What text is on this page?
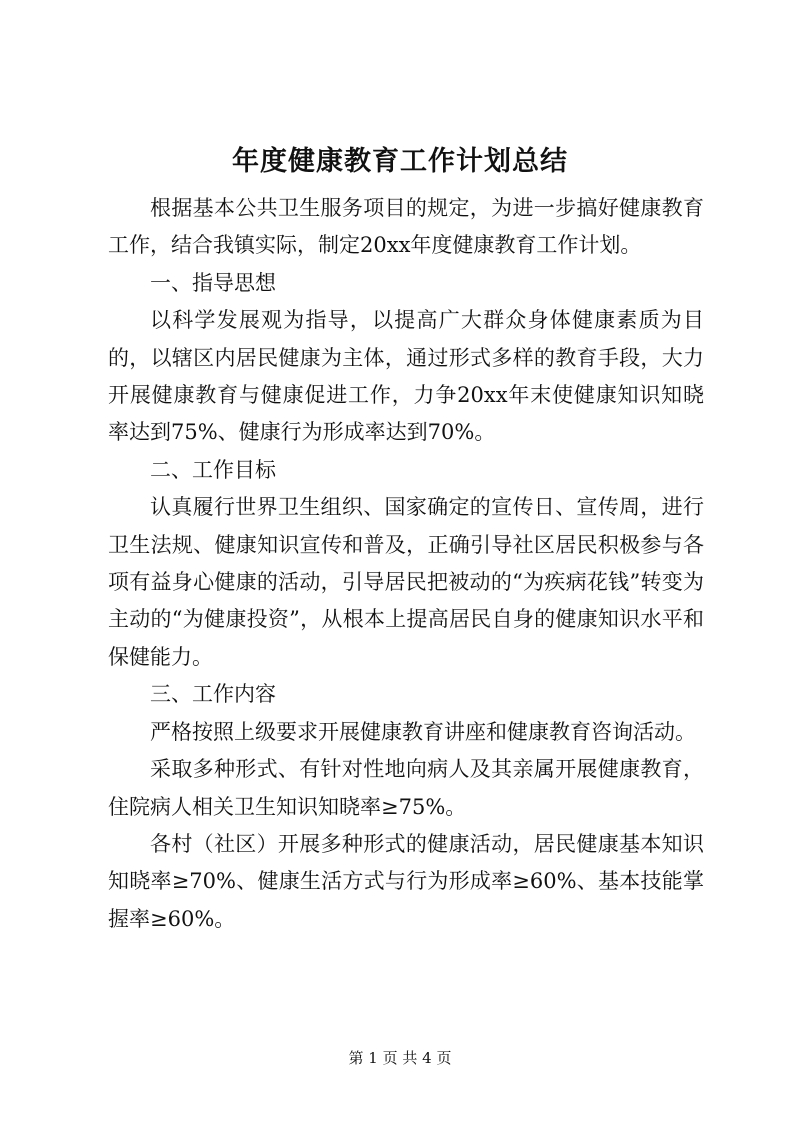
年度健康教育工作计划总结

根据基本公共卫生服务项目的规定，为进一步搞好健康教育工作，结合我镇实际，制定20xx年度健康教育工作计划。

一、指导思想

以科学发展观为指导，以提高广大群众身体健康素质为目的，以辖区内居民健康为主体，通过形式多样的教育手段，大力开展健康教育与健康促进工作，力争20xx年末使健康知识知晓率达到75%、健康行为形成率达到70%。

二、工作目标

认真履行世界卫生组织、国家确定的宣传日、宣传周，进行卫生法规、健康知识宣传和普及，正确引导社区居民积极参与各项有益身心健康的活动，引导居民把被动的“为疾病花钱”转变为主动的“为健康投资”，从根本上提高居民自身的健康知识水平和保健能力。

三、工作内容

严格按照上级要求开展健康教育讲座和健康教育咨询活动。

采取多种形式、有针对性地向病人及其亲属开展健康教育，住院病人相关卫生知识知晓率≥75%。

各村（社区）开展多种形式的健康活动，居民健康基本知识知晓率≥70%、健康生活方式与行为形成率≥60%、基本技能掌握率≥60%。

第 1 页 共 4 页
